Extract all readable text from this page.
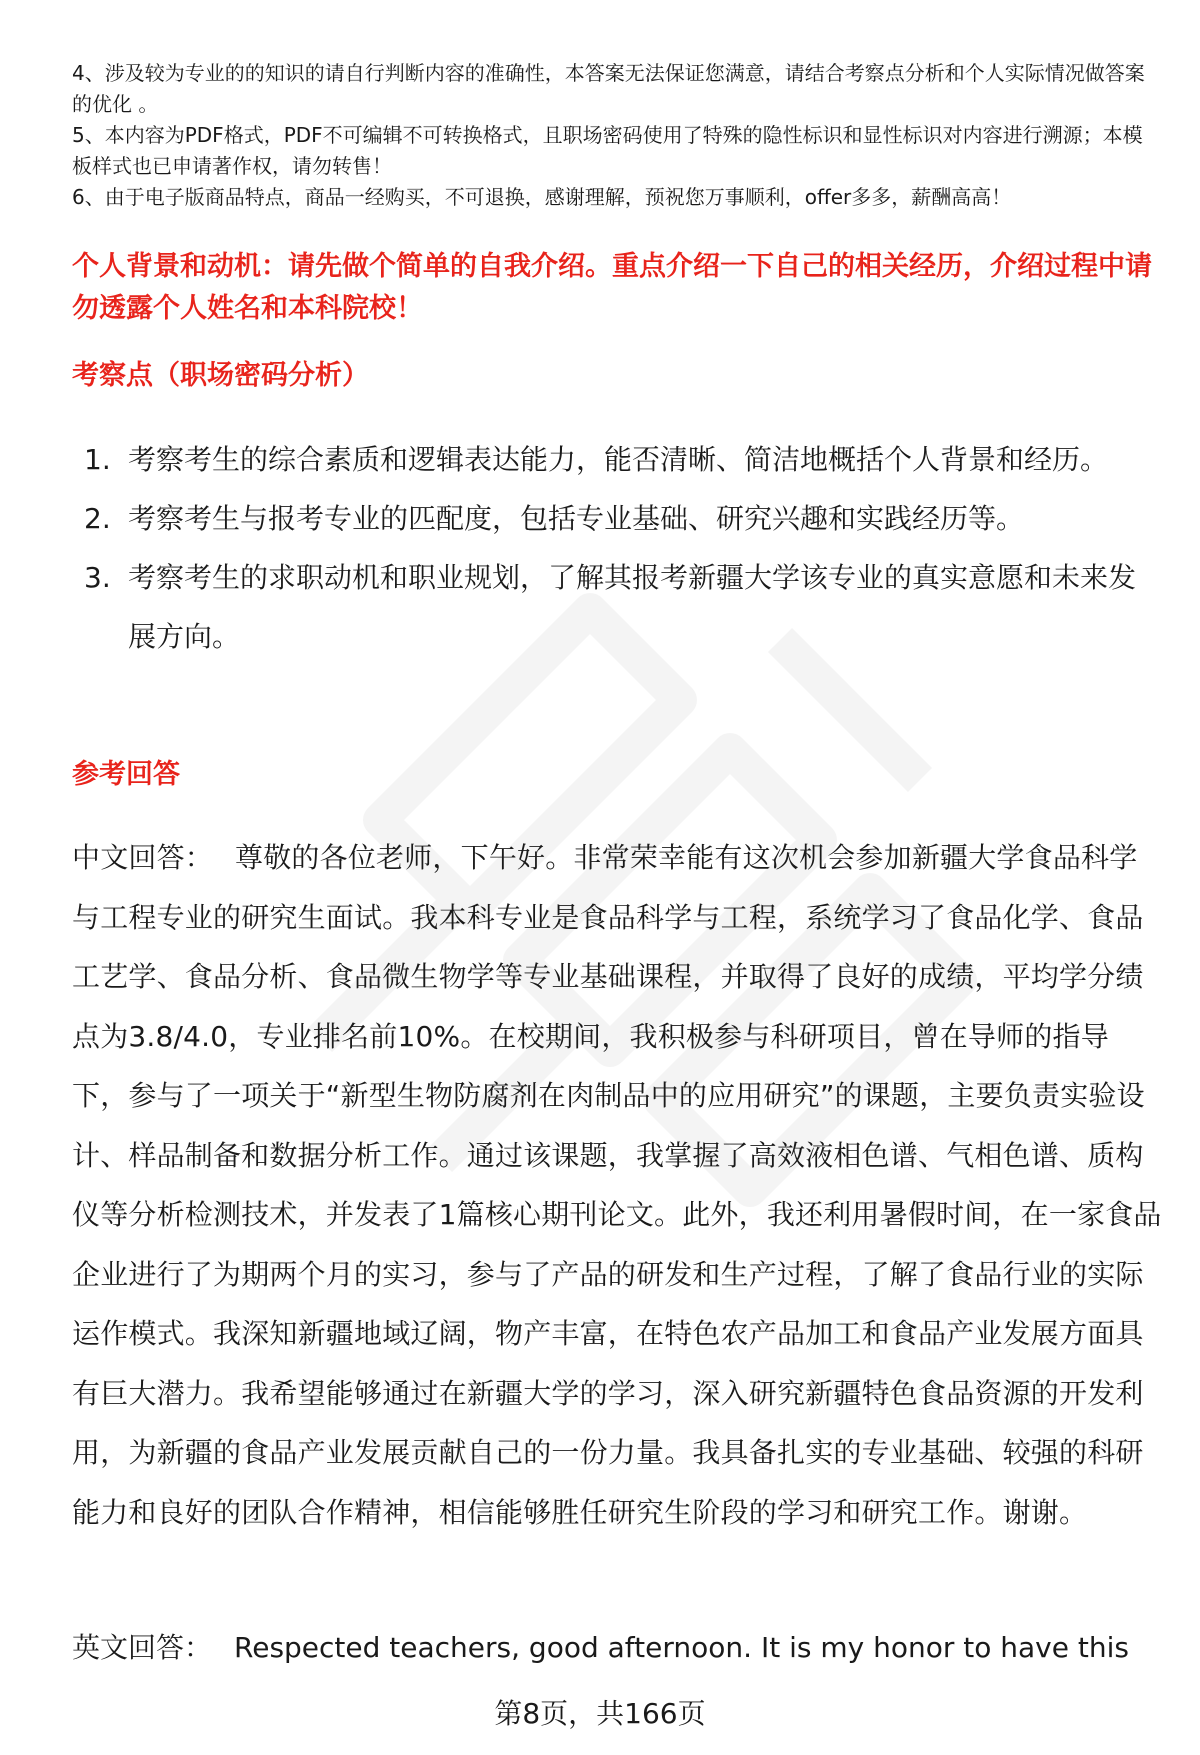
4、涉及较为专业的的知识的请自行判断内容的准确性，本答案无法保证您满意，请结合考察点分析和个人实际情况做答案的优化 。

5、本内容为PDF格式，PDF不可编辑不可转换格式，且职场密码使用了特殊的隐性标识和显性标识对内容进行溯源；本模板样式也已申请著作权，请勿转售！

6、由于电子版商品特点，商品一经购买，不可退换，感谢理解，预祝您万事顺利，offer多多，薪酬高高！

个人背景和动机：请先做个简单的自我介绍。重点介绍一下自己的相关经历，介绍过程中请勿透露个人姓名和本科院校！

考察点（职场密码分析）

1. 考察考生的综合素质和逻辑表达能力，能否清晰、简洁地概括个人背景和经历。
2. 考察考生与报考专业的匹配度，包括专业基础、研究兴趣和实践经历等。
3. 考察考生的求职动机和职业规划，了解其报考新疆大学该专业的真实意愿和未来发展方向。

参考回答

中文回答： 尊敬的各位老师，下午好。非常荣幸能有这次机会参加新疆大学食品科学与工程专业的研究生面试。我本科专业是食品科学与工程，系统学习了食品化学、食品工艺学、食品分析、食品微生物学等专业基础课程，并取得了良好的成绩，平均学分绩点为3.8/4.0，专业排名前10%。在校期间，我积极参与科研项目，曾在导师的指导下，参与了一项关于“新型生物防腐剂在肉制品中的应用研究”的课题，主要负责实验设计、样品制备和数据分析工作。通过该课题，我掌握了高效液相色谱、气相色谱、质构仪等分析检测技术，并发表了1篇核心期刊论文。此外，我还利用暑假时间，在一家食品企业进行了为期两个月的实习，参与了产品的研发和生产过程，了解了食品行业的实际运作模式。我深知新疆地域辽阔，物产丰富，在特色农产品加工和食品产业发展方面具有巨大潜力。我希望能够通过在新疆大学的学习，深入研究新疆特色食品资源的开发利用，为新疆的食品产业发展贡献自己的一份力量。我具备扎实的专业基础、较强的科研能力和良好的团队合作精神，相信能够胜任研究生阶段的学习和研究工作。谢谢。

英文回答： Respected teachers, good afternoon. It is my honor to have this

第8页，共166页
